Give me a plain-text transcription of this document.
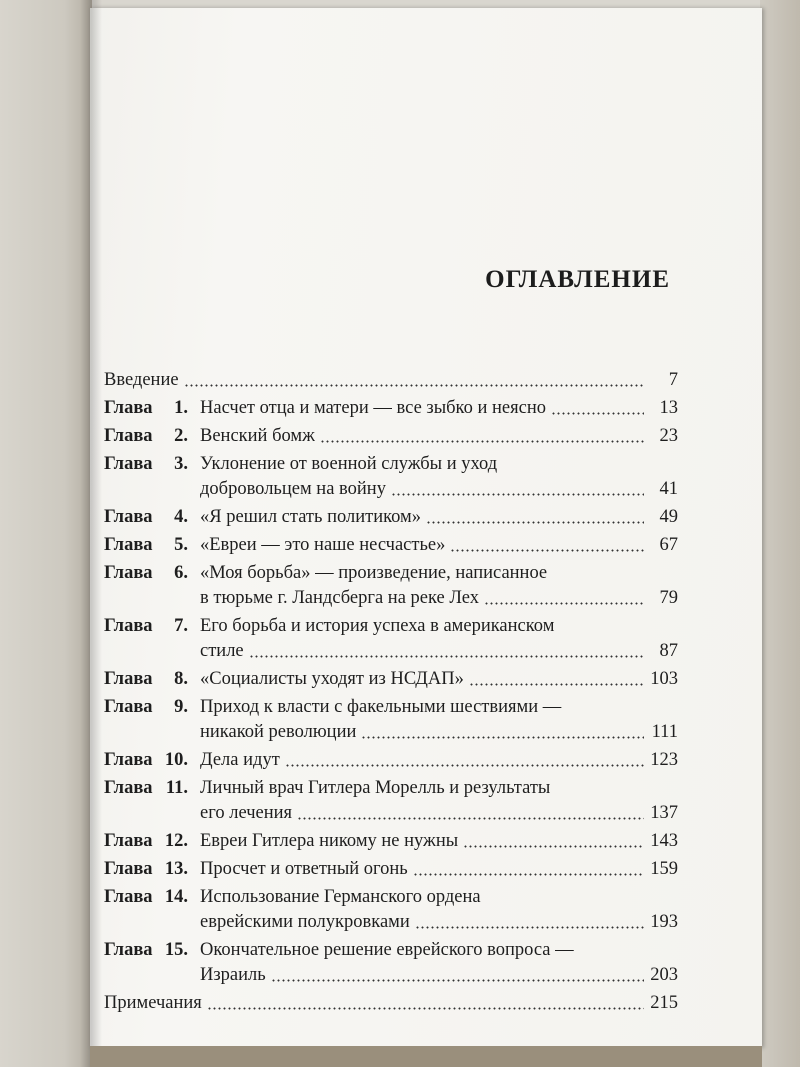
ОГЛАВЛЕНИЕ
Введение	7
Глава 1. Насчет отца и матери — все зыбко и неясно	13
Глава 2. Венский бомж	23
Глава 3. Уклонение от военной службы и уход
добровольцем на войну	41
Глава 4. «Я решил стать политиком»	49
Глава 5. «Евреи — это наше несчастье»	67
Глава 6. «Моя борьба» — произведение, написанное
в тюрьме г. Ландсберга на реке Лех	79
Глава 7. Его борьба и история успеха в американском
стиле	87
Глава 8. «Социалисты уходят из НСДАП»	103
Глава 9. Приход к власти с факельными шествиями —
никакой революции	111
Глава 10. Дела идут	123
Глава 11. Личный врач Гитлера Морелль и результаты
его лечения	137
Глава 12. Евреи Гитлера никому не нужны	143
Глава 13. Просчет и ответный огонь	159
Глава 14. Использование Германского ордена
еврейскими полукровками	193
Глава 15. Окончательное решение еврейского вопроса —
Израиль	203
Примечания	215
